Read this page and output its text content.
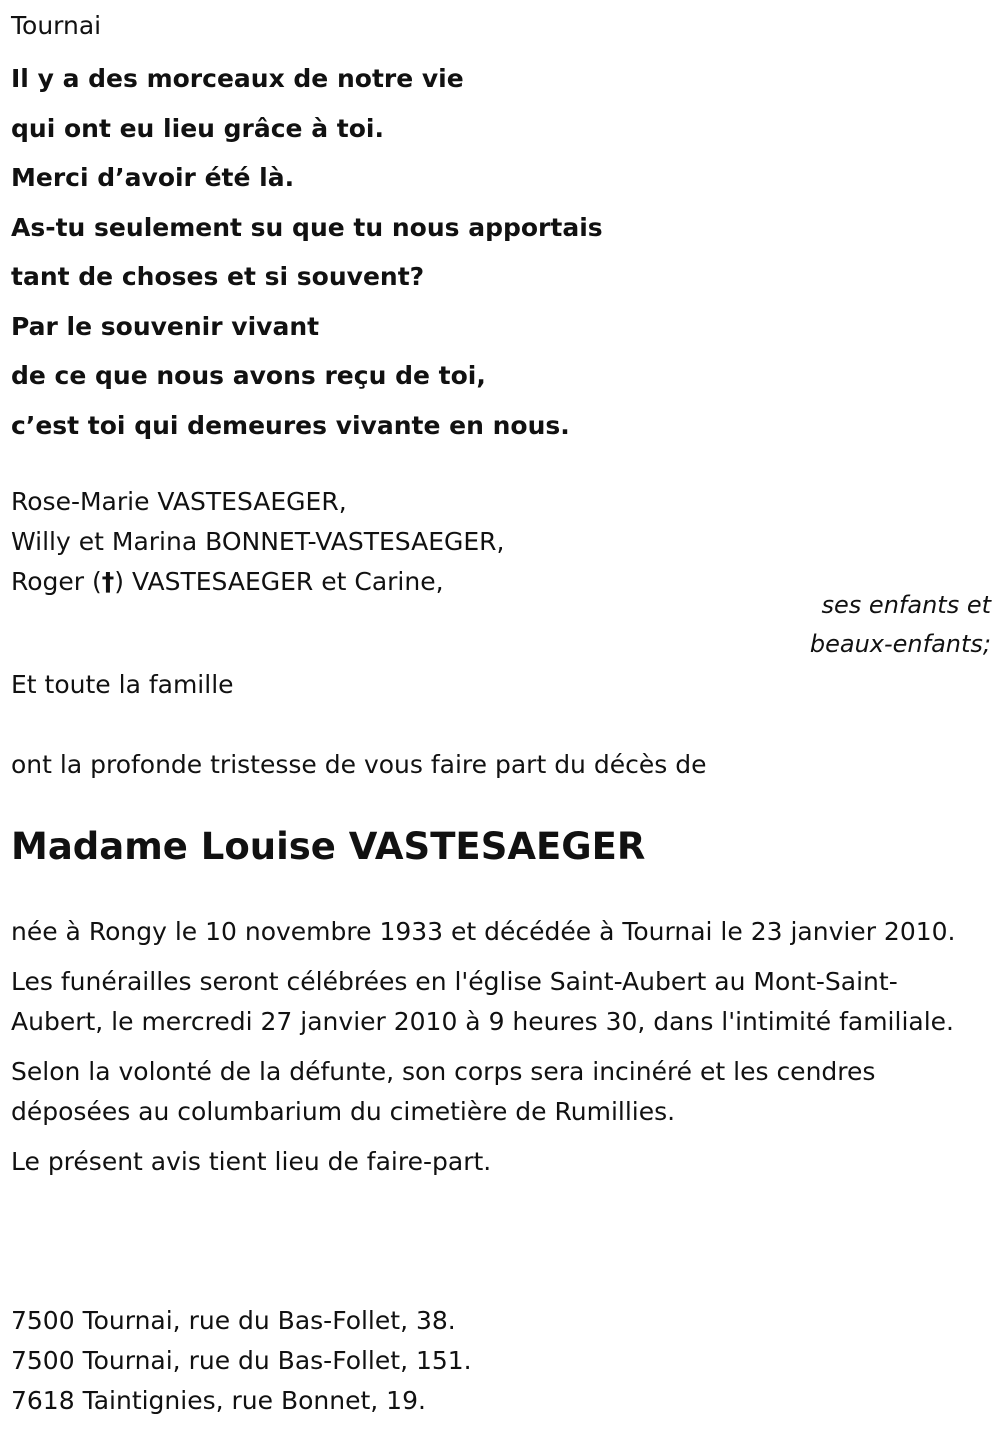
Tournai
Il y a des morceaux de notre vie
qui ont eu lieu grâce à toi.
Merci d’avoir été là.
As-tu seulement su que tu nous apportais
tant de choses et si souvent?
Par le souvenir vivant
de ce que nous avons reçu de toi,
c’est toi qui demeures vivante en nous.
Rose-Marie VASTESAEGER,
Willy et Marina BONNET-VASTESAEGER,
Roger (†) VASTESAEGER et Carine,
ses enfants et
beaux-enfants;
Et toute la famille
ont la profonde tristesse de vous faire part du décès de
Madame Louise VASTESAEGER

née à Rongy le 10 novembre 1933 et décédée à Tournai le 23 janvier 2010.

Les funérailles seront célébrées en l'église Saint-Aubert au Mont-Saint-Aubert, le mercredi 27 janvier 2010 à 9 heures 30, dans l'intimité familiale.

Selon la volonté de la défunte, son corps sera incinéré et les cendres déposées au columbarium du cimetière de Rumillies.

Le présent avis tient lieu de faire-part.

7500 Tournai, rue du Bas-Follet, 38.
7500 Tournai, rue du Bas-Follet, 151.
7618 Taintignies, rue Bonnet, 19.
